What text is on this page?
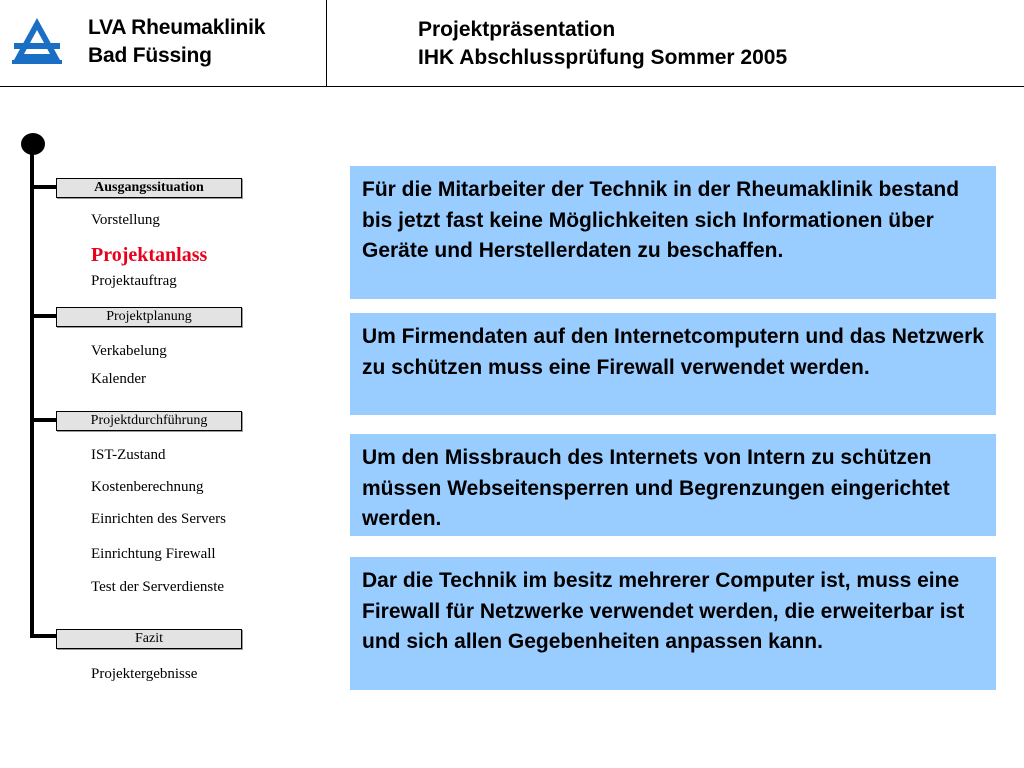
LVA Rheumaklinik
Bad Füssing
Projektpräsentation
IHK Abschlussprüfung Sommer 2005
Ausgangssituation
Vorstellung
Projektanlass
Projektauftrag
Projektplanung
Verkabelung
Kalender
Projektdurchführung
IST-Zustand
Kostenberechnung
Einrichten des Servers
Einrichtung Firewall
Test der Serverdienste
Fazit
Projektergebnisse
Für die Mitarbeiter der Technik in der Rheumaklinik bestand bis jetzt fast keine Möglichkeiten sich Informationen über Geräte und Herstellerdaten zu beschaffen.
Um Firmendaten auf den Internetcomputern und das Netzwerk zu schützen muss eine Firewall verwendet werden.
Um den Missbrauch des Internets von Intern zu schützen müssen Webseitensperren und Begrenzungen eingerichtet werden.
Dar die Technik im besitz mehrerer Computer ist, muss eine Firewall für Netzwerke verwendet werden, die erweiterbar ist und sich allen Gegebenheiten anpassen kann.
